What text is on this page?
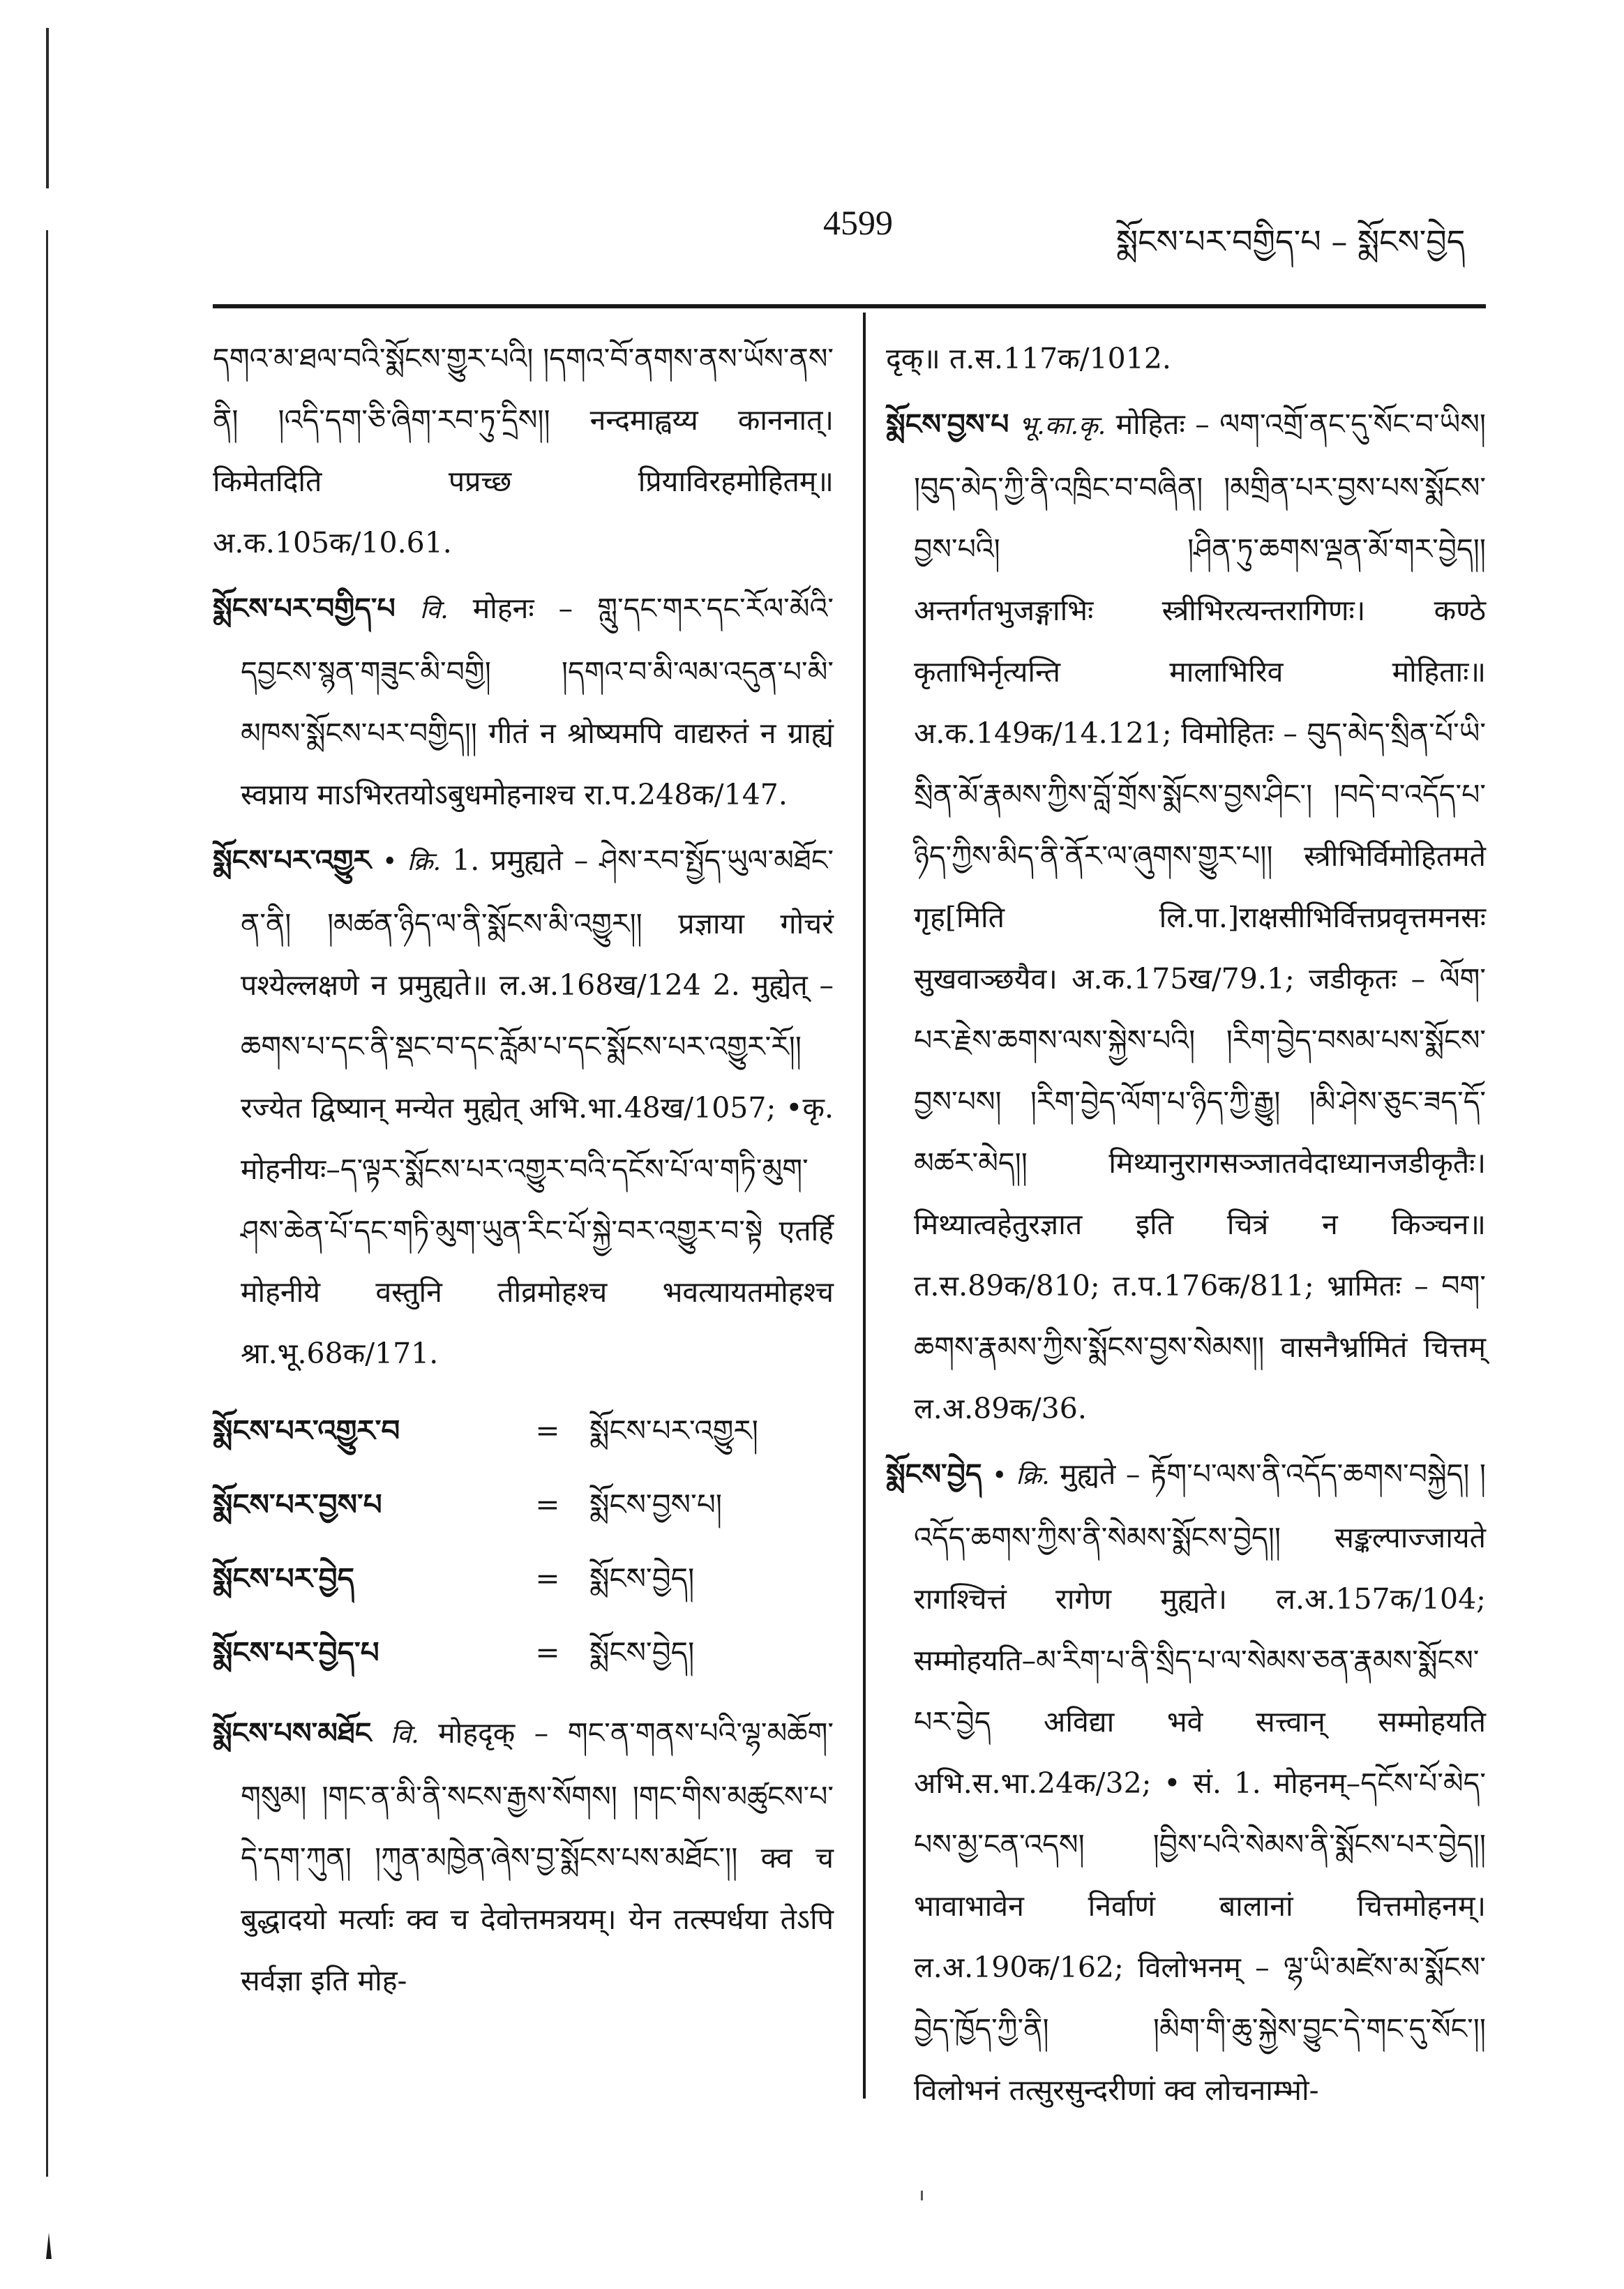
4599	སྨོངས་པར་བགྱིད་པ – སྨོངས་བྱེད

དགའ་མ་ཐལ་བའི་སྨོངས་གྱུར་པའི། །དགའ་བོ་ནགས་ནས་ཡོས་ནས་ནི། །འདི་དག་ཅི་ཞིག་རབ་ཏུ་དྲིས།། नन्दमाह्वय्य काननात्। किमेतदिति पप्रच्छ प्रियाविरहमोहितम्॥ अ.क.105क/10.61.

སྨོངས་པར་བགྱིད་པ वि. मोहनः – གླུ་དང་གར་དང་རོལ་མོའི་དབྱངས་སྙན་གཟུང་མི་བགྱི། །དགའ་བ་མི་ལམ་འདུན་པ་མི་མཁས་སྨོངས་པར་བགྱིད།། गीतं न श्रोष्यमपि वाद्यरुतं न ग्राह्यं स्वप्नाय माऽभिरतयोऽबुधमोहनाश्च रा.प.248क/147.

སྨོངས་པར་འགྱུར • क्रि. 1. प्रमुह्यते – ཤེས་རབ་སྤྱོད་ཡུལ་མཐོང་ན་ནི། །མཚན་ཉིད་ལ་ནི་སྨོངས་མི་འགྱུར།། प्रज्ञाया गोचरं पश्येल्लक्षणे न प्रमुह्यते॥ ल.अ.168ख/124 2. मुह्येत् – ཆགས་པ་དང་ནི་སྡང་བ་དང་རློམ་པ་དང་སྨོངས་པར་འགྱུར་རོ།། रज्येत द्विष्यान् मन्येत मुह्येत् अभि.भा.48ख/1057; •कृ. मोहनीयः–ད་ལྟར་སྨོངས་པར་འགྱུར་བའི་དངོས་པོ་ལ་གཏི་མུག་ཤས་ཆེན་པོ་དང་གཏི་མུག་ཡུན་རིང་པོ་སྐྱེ་བར་འགྱུར་བ་སྟེ एतर्हि मोहनीये वस्तुनि तीव्रमोहश्च भवत्यायतमोहश्च श्रा.भू.68क/171.

སྨོངས་པར་འགྱུར་བ	=	སྨོངས་པར་འགྱུར།
སྨོངས་པར་བྱས་པ	=	སྨོངས་བྱས་པ།
སྨོངས་པར་བྱེད	=	སྨོངས་བྱེད།
སྨོངས་པར་བྱེད་པ	=	སྨོངས་བྱེད།

སྨོངས་པས་མཐོང वि. मोहदृक् – གང་ན་གནས་པའི་ལྷ་མཆོག་གསུམ། །གང་ན་མི་ནི་སངས་རྒྱས་སོགས། །གང་གིས་མཚུངས་པ་དེ་དག་ཀུན། །ཀུན་མཁྱེན་ཞེས་བྱ་སྨོངས་པས་མཐོང་།། क्व च बुद्धादयो मर्त्याः क्व च देवोत्तमत्रयम्। येन तत्स्पर्धया तेऽपि सर्वज्ञा इति मोह-

दृक्॥ त.स.117क/1012.

སྨོངས་བྱས་པ भू.का.कृ. मोहितः – ལག་འགྲོ་ནང་དུ་སོང་བ་ཡིས། །བུད་མེད་ཀྱི་ནི་འཁྲིང་བ་བཞིན། །མགྲིན་པར་བྱས་པས་སྨོངས་བྱས་པའི། །ཤིན་ཏུ་ཆགས་ལྡན་མོ་གར་བྱེད།། अन्तर्गतभुजङ्गाभिः स्त्रीभिरत्यन्तरागिणः। कण्ठे कृताभिर्नृत्यन्ति मालाभिरिव मोहिताः॥ अ.क.149क/14.121; विमोहितः – བུད་མེད་སྲིན་པོ་ཡི་སྲིན་མོ་རྣམས་ཀྱིས་བློ་གྲོས་སྨོངས་བྱས་ཤིང་། །བདེ་བ་འདོད་པ་ཉིད་ཀྱིས་མིད་ནི་ནོར་ལ་ཞུགས་གྱུར་པ།། स्त्रीभिर्विमोहितमते गृह[मिति लि.पा.]राक्षसीभिर्वित्तप्रवृत्तमनसः सुखवाञ्छयैव। अ.क.175ख/79.1; जडीकृतः – ལོག་པར་རྗེས་ཆགས་ལས་སྐྱེས་པའི། །རིག་བྱེད་བསམ་པས་སྨོངས་བྱས་པས། །རིག་བྱེད་ལོག་པ་ཉིད་ཀྱི་རྒྱུ། །མི་ཤེས་ཅུང་ཟད་དོ་མཚར་མེད།། मिथ्यानुरागसञ्जातवेदाध्यानजडीकृतैः। मिथ्यात्वहेतुरज्ञात इति चित्रं न किञ्चन॥ त.स.89क/810; त.प.176क/811; भ्रामितः – བག་ཆགས་རྣམས་ཀྱིས་སྨོངས་བྱས་སེམས།། वासनैर्भ्रामितं चित्तम् ल.अ.89क/36.

སྨོངས་བྱེད • क्रि. मुह्यते – རྟོག་པ་ལས་ནི་འདོད་ཆགས་བསྐྱེད། །འདོད་ཆགས་ཀྱིས་ནི་སེམས་སྨོངས་བྱེད།། सङ्कल्पाज्जायते रागश्चित्तं रागेण मुह्यते। ल.अ.157क/104; सम्मोहयति–མ་རིག་པ་ནི་སྲིད་པ་ལ་སེམས་ཅན་རྣམས་སྨོངས་པར་བྱེད अविद्या भवे सत्त्वान् सम्मोहयति अभि.स.भा.24क/32; • सं. 1. मोहनम्–དངོས་པོ་མེད་པས་མྱ་ངན་འདས། །བྱིས་པའི་སེམས་ནི་སྨོངས་པར་བྱེད།། भावाभावेन निर्वाणं बालानां चित्तमोहनम्। ल.अ.190क/162; विलोभनम् – ལྷ་ཡི་མཛེས་མ་སྨོངས་བྱེད་ཁྱོད་ཀྱི་ནི། །མིག་གི་ཆུ་སྐྱེས་བྱུང་དེ་གང་དུ་སོང་།། विलोभनं तत्सुरसुन्दरीणां क्व लोचनाम्भो-
